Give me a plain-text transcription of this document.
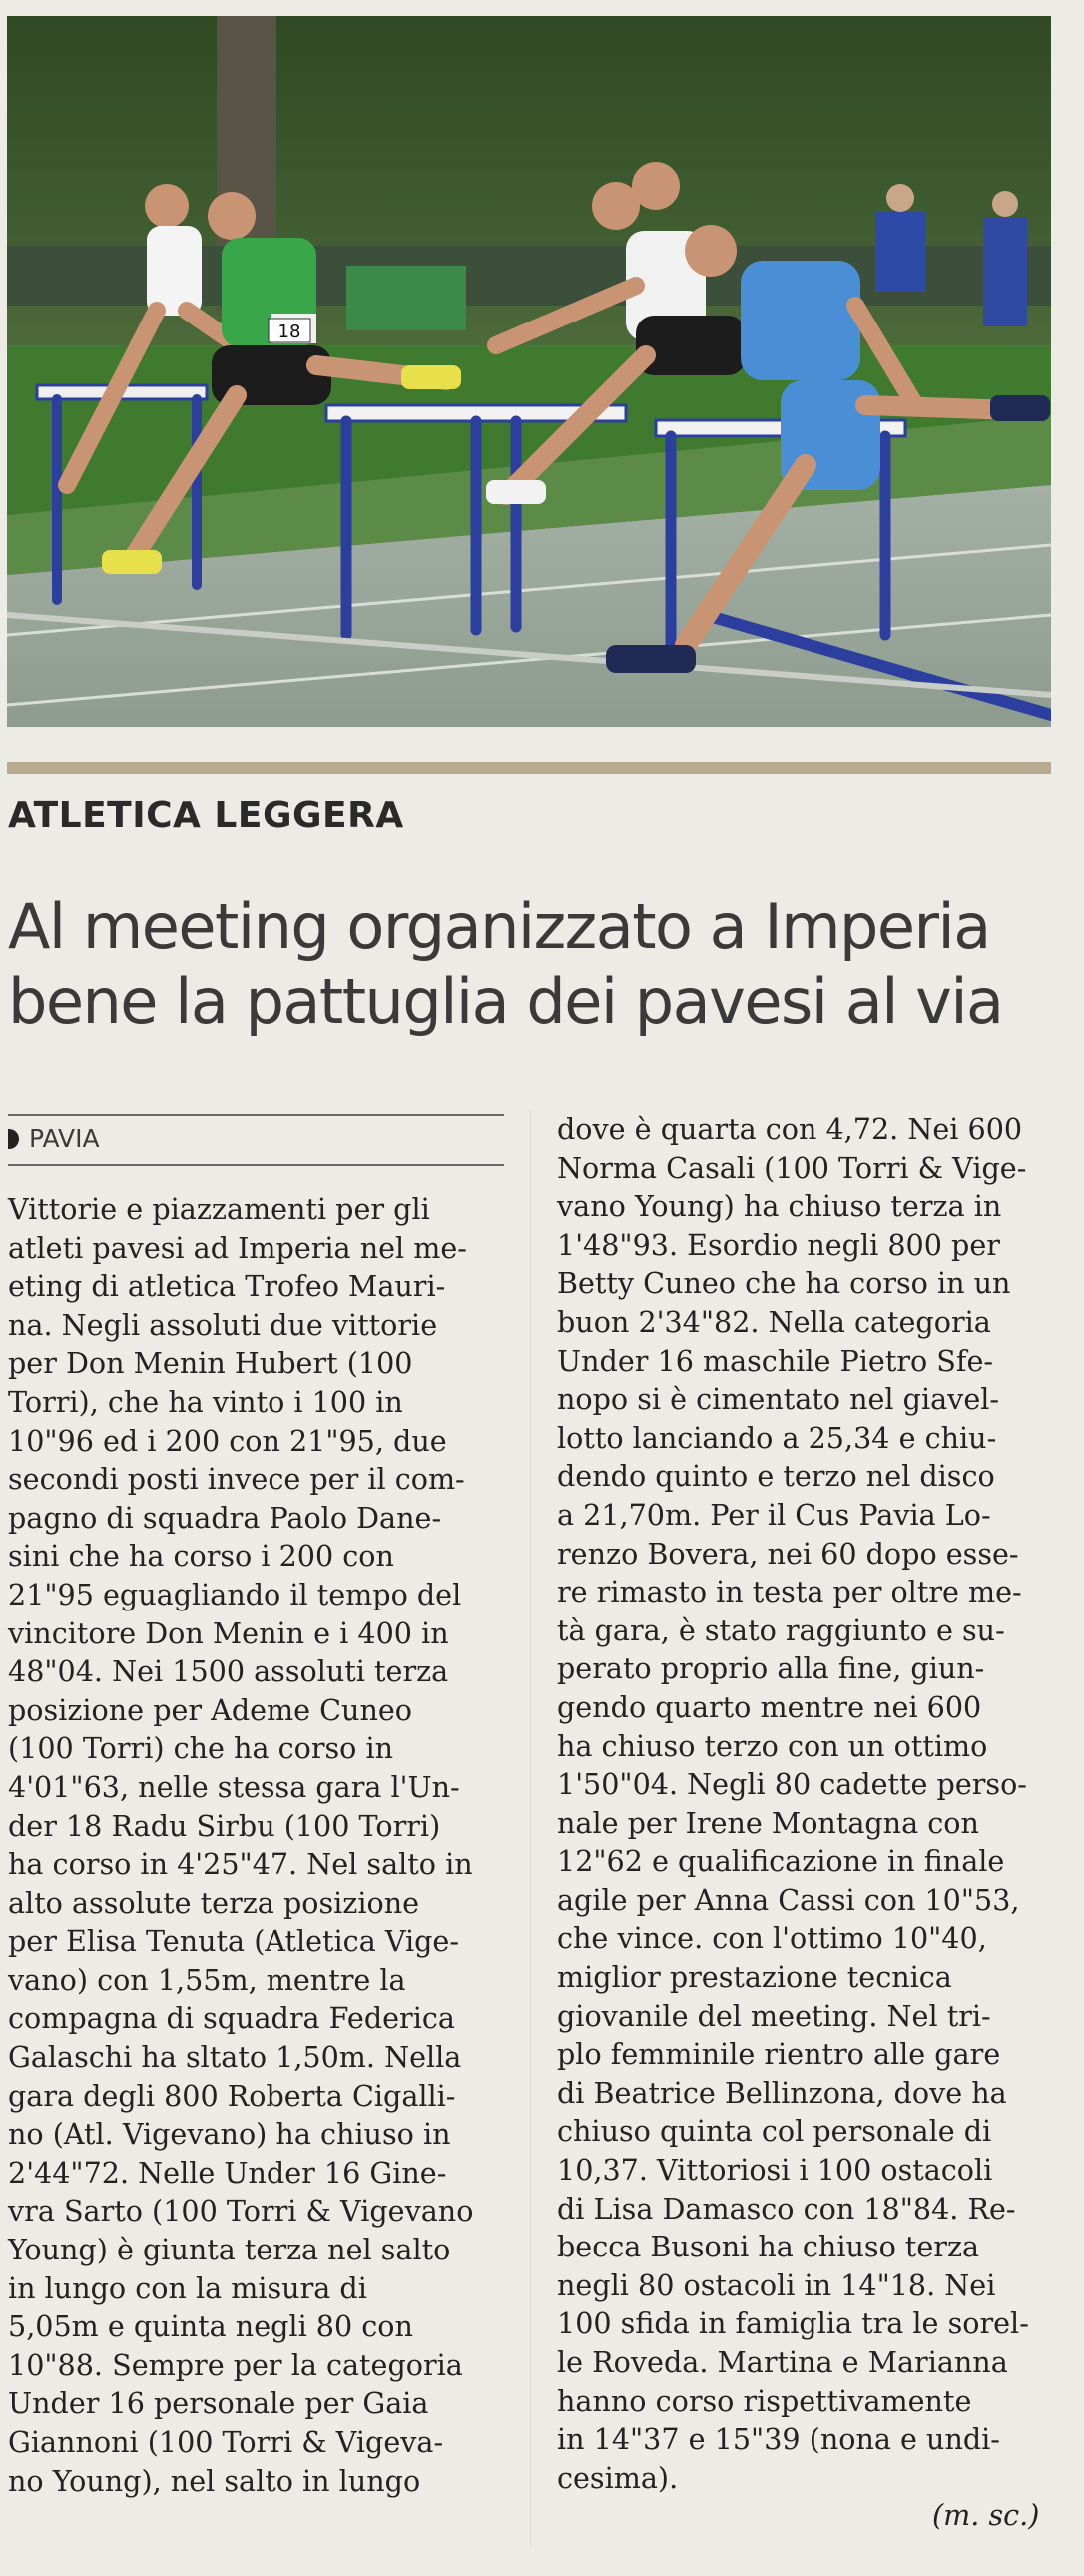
18
ATLETICA LEGGERA
Al meeting organizzato a Imperia
bene la pattuglia dei pavesi al via
PAVIA
Vittorie e piazzamenti per gli
atleti pavesi ad Imperia nel me-
eting di atletica Trofeo Mauri-
na. Negli assoluti due vittorie
per Don Menin Hubert (100
Torri), che ha vinto i 100 in
10"96 ed i 200 con 21"95, due
secondi posti invece per il com-
pagno di squadra Paolo Dane-
sini che ha corso i 200 con
21"95 eguagliando il tempo del
vincitore Don Menin e i 400 in
48"04. Nei 1500 assoluti terza
posizione per Ademe Cuneo
(100 Torri) che ha corso in
4'01"63, nelle stessa gara l'Un-
der 18 Radu Sirbu (100 Torri)
ha corso in 4'25"47. Nel salto in
alto assolute terza posizione
per Elisa Tenuta (Atletica Vige-
vano) con 1,55m, mentre la
compagna di squadra Federica
Galaschi ha sltato 1,50m. Nella
gara degli 800 Roberta Cigalli-
no (Atl. Vigevano) ha chiuso in
2'44"72. Nelle Under 16 Gine-
vra Sarto (100 Torri & Vigevano
Young) è giunta terza nel salto
in lungo con la misura di
5,05m e quinta negli 80 con
10"88. Sempre per la categoria
Under 16 personale per Gaia
Giannoni (100 Torri & Vigeva-
no Young), nel salto in lungo
dove è quarta con 4,72. Nei 600
Norma Casali (100 Torri & Vige-
vano Young) ha chiuso terza in
1'48"93. Esordio negli 800 per
Betty Cuneo che ha corso in un
buon 2'34"82. Nella categoria
Under 16 maschile Pietro Sfe-
nopo si è cimentato nel giavel-
lotto lanciando a 25,34 e chiu-
dendo quinto e terzo nel disco
a 21,70m. Per il Cus Pavia Lo-
renzo Bovera, nei 60 dopo esse-
re rimasto in testa per oltre me-
tà gara, è stato raggiunto e su-
perato proprio alla fine, giun-
gendo quarto mentre nei 600
ha chiuso terzo con un ottimo
1'50"04. Negli 80 cadette perso-
nale per Irene Montagna con
12"62 e qualificazione in finale
agile per Anna Cassi con 10"53,
che vince. con l'ottimo 10"40,
miglior prestazione tecnica
giovanile del meeting. Nel tri-
plo femminile rientro alle gare
di Beatrice Bellinzona, dove ha
chiuso quinta col personale di
10,37. Vittoriosi i 100 ostacoli
di Lisa Damasco con 18"84. Re-
becca Busoni ha chiuso terza
negli 80 ostacoli in 14"18. Nei
100 sfida in famiglia tra le sorel-
le Roveda. Martina e Marianna
hanno corso rispettivamente
in 14"37 e 15"39 (nona e undi-
cesima).
(m. sc.)
